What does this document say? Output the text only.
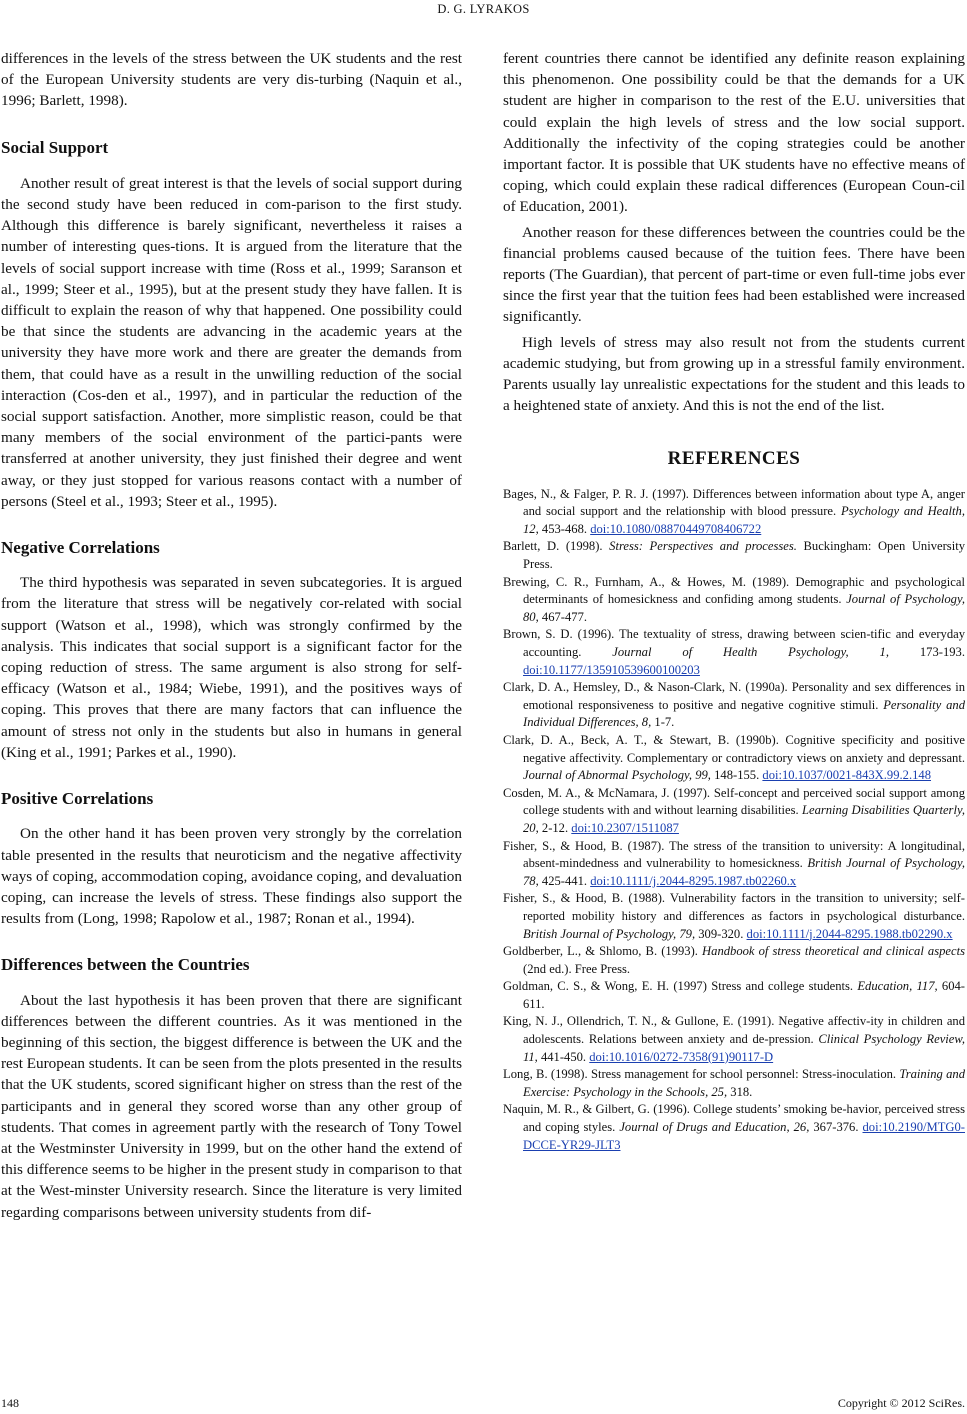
D. G. LYRAKOS

differences in the levels of the stress between the UK students and the rest of the European University students are very dis-turbing (Naquin et al., 1996; Barlett, 1998).

Social Support

Another result of great interest is that the levels of social support during the second study have been reduced in com-parison to the first study. Although this difference is barely significant, nevertheless it raises a number of interesting ques-tions. It is argued from the literature that the levels of social support increase with time (Ross et al., 1999; Saranson et al., 1999; Steer et al., 1995), but at the present study they have fallen. It is difficult to explain the reason of why that happened. One possibility could be that since the students are advancing in the academic years at the university they have more work and there are greater the demands from them, that could have as a result in the unwilling reduction of the social interaction (Cos-den et al., 1997), and in particular the reduction of the social support satisfaction. Another, more simplistic reason, could be that many members of the social environment of the partici-pants were transferred at another university, they just finished their degree and went away, or they just stopped for various reasons contact with a number of persons (Steel et al., 1993; Steer et al., 1995).

Negative Correlations

The third hypothesis was separated in seven subcategories. It is argued from the literature that stress will be negatively cor-related with social support (Watson et al., 1998), which was strongly confirmed by the analysis. This indicates that social support is a significant factor for the coping reduction of stress. The same argument is also strong for self-efficacy (Watson et al., 1984; Wiebe, 1991), and the positives ways of coping. This proves that there are many factors that can influence the amount of stress not only in the students but also in humans in general (King et al., 1991; Parkes et al., 1990).

Positive Correlations

On the other hand it has been proven very strongly by the correlation table presented in the results that neuroticism and the negative affectivity ways of coping, accommodation coping, avoidance coping, and devaluation coping, can increase the levels of stress. These findings also support the results from (Long, 1998; Rapolow et al., 1987; Ronan et al., 1994).

Differences between the Countries

About the last hypothesis it has been proven that there are significant differences between the different countries. As it was mentioned in the beginning of this section, the biggest difference is between the UK and the rest European students. It can be seen from the plots presented in the results that the UK students, scored significant higher on stress than the rest of the participants and in general they scored worse than any other group of students. That comes in agreement partly with the research of Tony Towel at the Westminster University in 1999, but on the other hand the extend of this difference seems to be higher in the present study in comparison to that at the West-minster University research. Since the literature is very limited regarding comparisons between university students from dif-

ferent countries there cannot be identified any definite reason explaining this phenomenon. One possibility could be that the demands for a UK student are higher in comparison to the rest of the E.U. universities that could explain the high levels of stress and the low social support. Additionally the infectivity of the coping strategies could be another important factor. It is possible that UK students have no effective means of coping, which could explain these radical differences (European Coun-cil of Education, 2001).

Another reason for these differences between the countries could be the financial problems caused because of the tuition fees. There have been reports (The Guardian), that percent of part-time or even full-time jobs ever since the first year that the tuition fees had been established were increased significantly.

High levels of stress may also result not from the students current academic studying, but from growing up in a stressful family environment. Parents usually lay unrealistic expectations for the student and this leads to a heightened state of anxiety. And this is not the end of the list.

REFERENCES

Bages, N., & Falger, P. R. J. (1997). Differences between information about type A, anger and social support and the relationship with blood pressure. Psychology and Health, 12, 453-468. doi:10.1080/08870449708406722

Barlett, D. (1998). Stress: Perspectives and processes. Buckingham: Open University Press.

Brewing, C. R., Furnham, A., & Howes, M. (1989). Demographic and psychological determinants of homesickness and confiding among students. Journal of Psychology, 80, 467-477.

Brown, S. D. (1996). The textuality of stress, drawing between scien-tific and everyday accounting. Journal of Health Psychology, 1, 173-193. doi:10.1177/135910539600100203

Clark, D. A., Hemsley, D., & Nason-Clark, N. (1990a). Personality and sex differences in emotional responsiveness to positive and negative cognitive stimuli. Personality and Individual Differences, 8, 1-7.

Clark, D. A., Beck, A. T., & Stewart, B. (1990b). Cognitive specificity and positive negative affectivity. Complementary or contradictory views on anxiety and depressant. Journal of Abnormal Psychology, 99, 148-155. doi:10.1037/0021-843X.99.2.148

Cosden, M. A., & McNamara, J. (1997). Self-concept and perceived social support among college students with and without learning disabilities. Learning Disabilities Quarterly, 20, 2-12. doi:10.2307/1511087

Fisher, S., & Hood, B. (1987). The stress of the transition to university: A longitudinal, absent-mindedness and vulnerability to homesickness. British Journal of Psychology, 78, 425-441. doi:10.1111/j.2044-8295.1987.tb02260.x

Fisher, S., & Hood, B. (1988). Vulnerability factors in the transition to university; self-reported mobility history and differences as factors in psychological disturbance. British Journal of Psychology, 79, 309-320. doi:10.1111/j.2044-8295.1988.tb02290.x

Goldberber, L., & Shlomo, B. (1993). Handbook of stress theoretical and clinical aspects (2nd ed.). Free Press.

Goldman, C. S., & Wong, E. H. (1997) Stress and college students. Education, 117, 604-611.

King, N. J., Ollendrich, T. N., & Gullone, E. (1991). Negative affectiv-ity in children and adolescents. Relations between anxiety and de-pression. Clinical Psychology Review, 11, 441-450. doi:10.1016/0272-7358(91)90117-D

Long, B. (1998). Stress management for school personnel: Stress-inoculation. Training and Exercise: Psychology in the Schools, 25, 318.

Naquin, M. R., & Gilbert, G. (1996). College students’ smoking be-havior, perceived stress and coping styles. Journal of Drugs and Education, 26, 367-376. doi:10.2190/MTG0-DCCE-YR29-JLT3

148	Copyright © 2012 SciRes.
